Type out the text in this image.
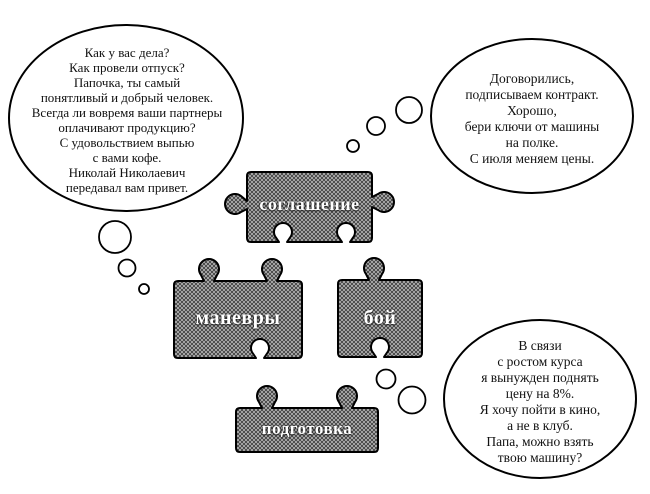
Как у вас дела?
Как провели отпуск?
Папочка, ты самый
понятливый и добрый человек.
Всегда ли вовремя ваши партнеры
оплачивают продукцию?
С удовольствием выпью
с вами кофе.
Николай Николаевич
передавал вам привет.
Договорились,
подписываем контракт.
Хорошо,
бери ключи от машины
на полке.
С июля меняем цены.
В связи
с ростом курса
я вынужден поднять
цену на 8%.
Я хочу пойти в кино,
а не в клуб.
Папа, можно взять
твою машину?
соглашение
маневры	бой
подготовка
